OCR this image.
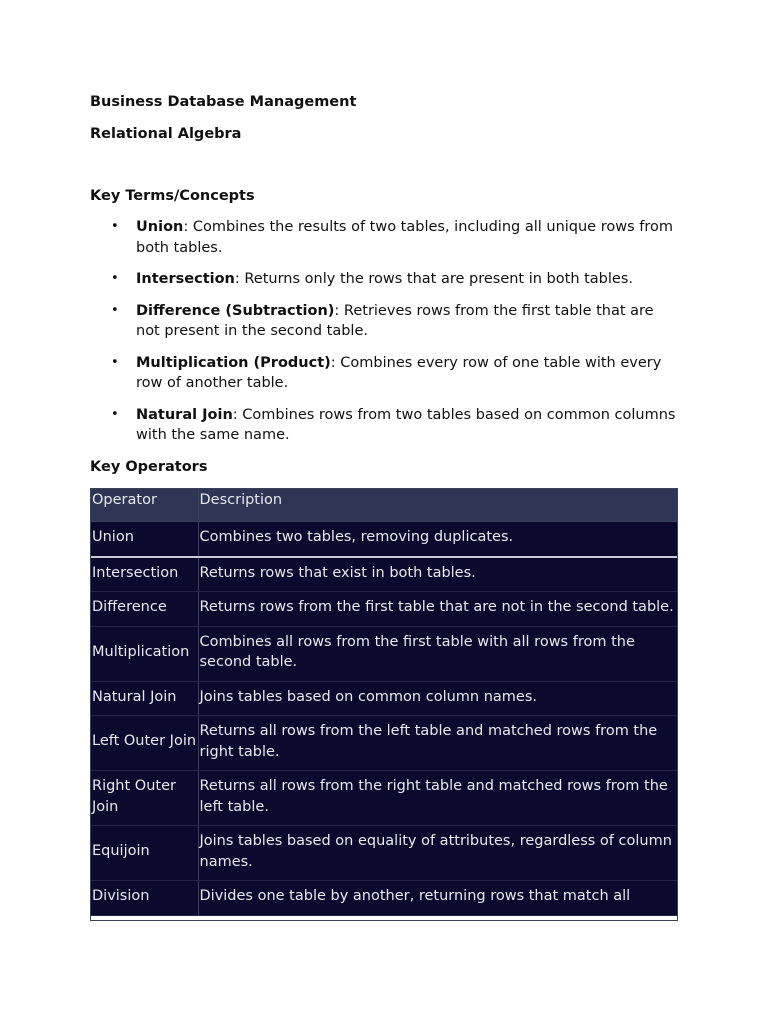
Business Database Management

Relational Algebra

Key Terms/Concepts

• Union: Combines the results of two tables, including all unique rows from both tables.
• Intersection: Returns only the rows that are present in both tables.
• Difference (Subtraction): Retrieves rows from the first table that are not present in the second table.
• Multiplication (Product): Combines every row of one table with every row of another table.
• Natural Join: Combines rows from two tables based on common columns with the same name.

Key Operators

Operator	Description
Union	Combines two tables, removing duplicates.
Intersection	Returns rows that exist in both tables.
Difference	Returns rows from the first table that are not in the second table.
Multiplication	Combines all rows from the first table with all rows from the second table.
Natural Join	Joins tables based on common column names.
Left Outer Join	Returns all rows from the left table and matched rows from the right table.
Right Outer Join	Returns all rows from the right table and matched rows from the left table.
Equijoin	Joins tables based on equality of attributes, regardless of column names.
Division	Divides one table by another, returning rows that match all
